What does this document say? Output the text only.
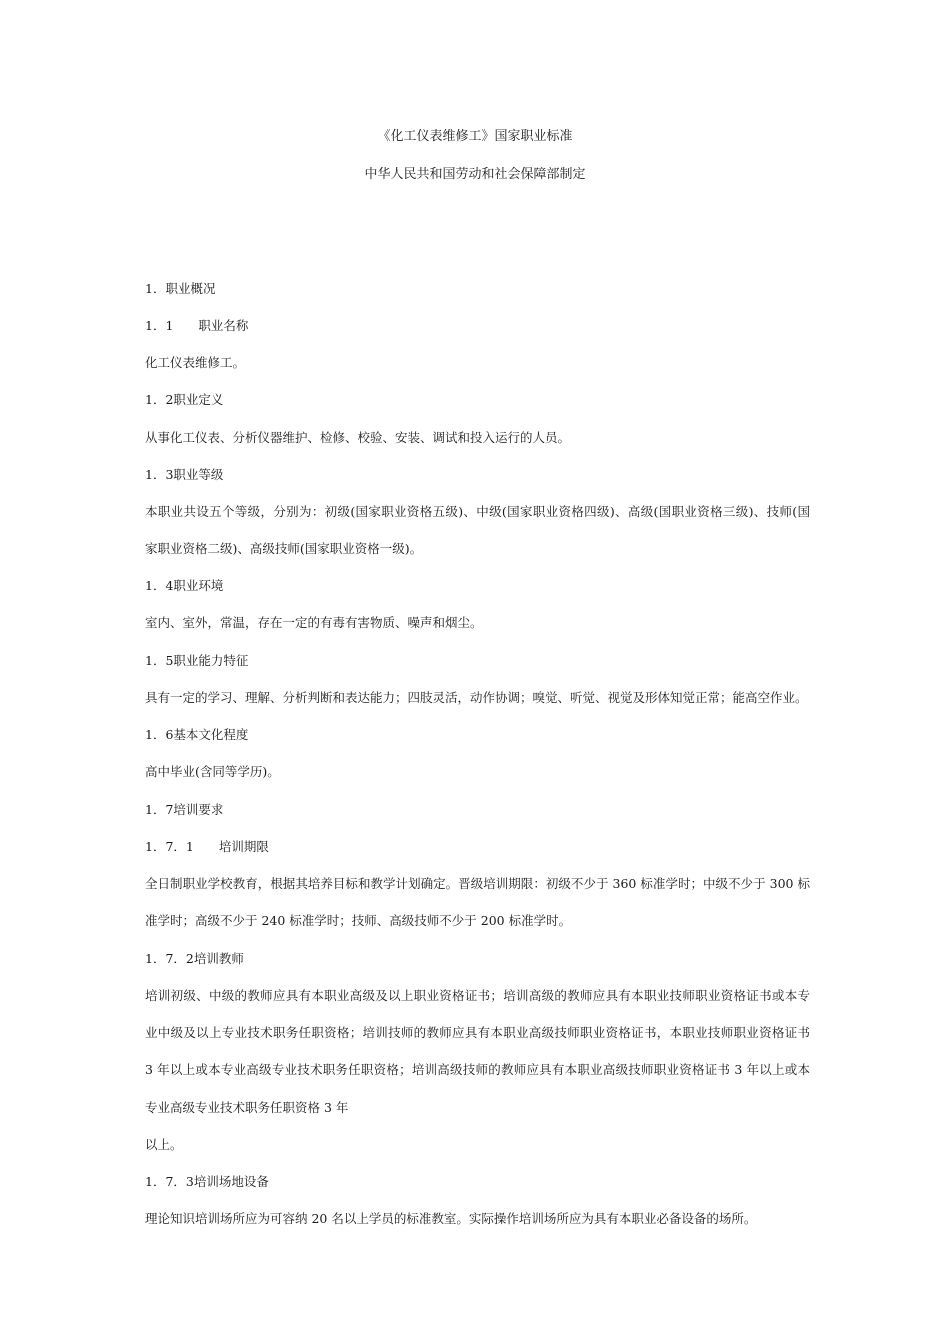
《化工仪表维修工》国家职业标准
中华人民共和国劳动和社会保障部制定
1．职业概况
1．1　　职业名称
化工仪表维修工。
1．2职业定义
从事化工仪表、分析仪器维护、检修、校验、安装、调试和投入运行的人员。
1．3职业等级
本职业共设五个等级，分别为：初级(国家职业资格五级)、中级(国家职业资格四级)、高级(国职业资格三级)、技师(国
家职业资格二级)、高级技师(国家职业资格一级)。
1．4职业环境
室内、室外，常温，存在一定的有毒有害物质、噪声和烟尘。
1．5职业能力特征
具有一定的学习、理解、分析判断和表达能力；四肢灵活，动作协调；嗅觉、听觉、视觉及形体知觉正常；能高空作业。
1．6基本文化程度
高中毕业(含同等学历)。
1．7培训要求
1．7．1　　培训期限
全日制职业学校教育，根据其培养目标和教学计划确定。晋级培训期限：初级不少于 360 标准学时；中级不少于 300 标
准学时；高级不少于 240 标准学时；技师、高级技师不少于 200 标准学时。
1．7．2培训教师
培训初级、中级的教师应具有本职业高级及以上职业资格证书；培训高级的教师应具有本职业技师职业资格证书或本专
业中级及以上专业技术职务任职资格；培训技师的教师应具有本职业高级技师职业资格证书，本职业技师职业资格证书
3 年以上或本专业高级专业技术职务任职资格；培训高级技师的教师应具有本职业高级技师职业资格证书 3 年以上或本
专业高级专业技术职务任职资格 3 年
以上。
1．7．3培训场地设备
理论知识培训场所应为可容纳 20 名以上学员的标准教室。实际操作培训场所应为具有本职业必备设备的场所。
